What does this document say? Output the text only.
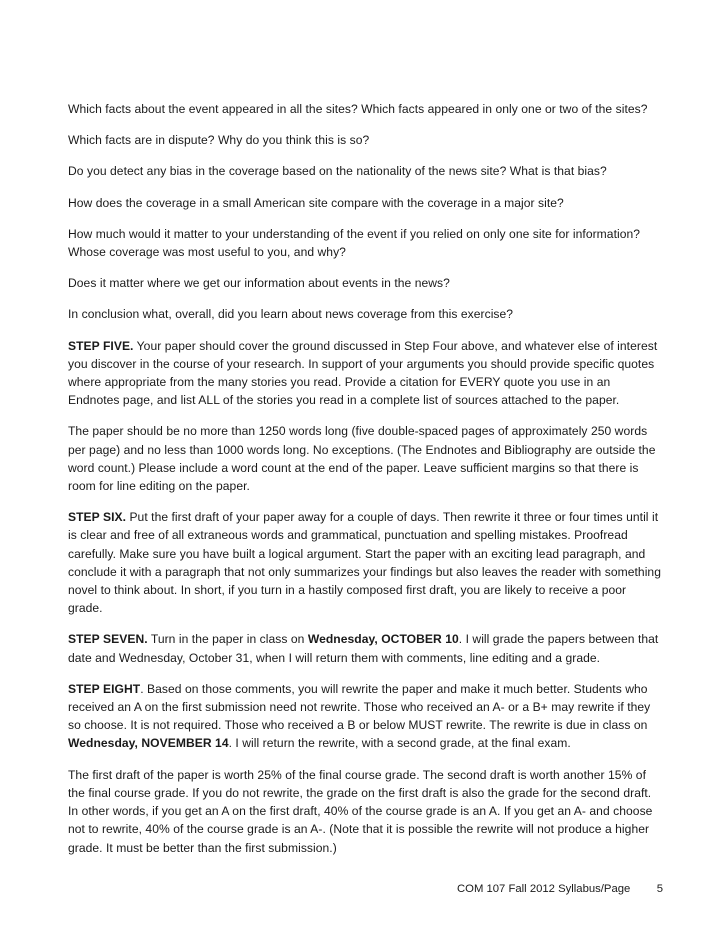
Which facts about the event appeared in all the sites? Which facts appeared in only one or two of the sites?

Which facts are in dispute? Why do you think this is so?

Do you detect any bias in the coverage based on the nationality of the news site? What is that bias?

How does the coverage in a small American site compare with the coverage in a major site?

How much would it matter to your understanding of the event if you relied on only one site for information? Whose coverage was most useful to you, and why?

Does it matter where we get our information about events in the news?

In conclusion what, overall, did you learn about news coverage from this exercise?

STEP FIVE. Your paper should cover the ground discussed in Step Four above, and whatever else of interest you discover in the course of your research. In support of your arguments you should provide specific quotes where appropriate from the many stories you read. Provide a citation for EVERY quote you use in an Endnotes page, and list ALL of the stories you read in a complete list of sources attached to the paper.

The paper should be no more than 1250 words long (five double-spaced pages of approximately 250 words per page) and no less than 1000 words long. No exceptions. (The Endnotes and Bibliography are outside the word count.) Please include a word count at the end of the paper. Leave sufficient margins so that there is room for line editing on the paper.

STEP SIX. Put the first draft of your paper away for a couple of days. Then rewrite it three or four times until it is clear and free of all extraneous words and grammatical, punctuation and spelling mistakes. Proofread carefully. Make sure you have built a logical argument. Start the paper with an exciting lead paragraph, and conclude it with a paragraph that not only summarizes your findings but also leaves the reader with something novel to think about. In short, if you turn in a hastily composed first draft, you are likely to receive a poor grade.

STEP SEVEN. Turn in the paper in class on Wednesday, OCTOBER 10. I will grade the papers between that date and Wednesday, October 31, when I will return them with comments, line editing and a grade.

STEP EIGHT. Based on those comments, you will rewrite the paper and make it much better. Students who received an A on the first submission need not rewrite. Those who received an A- or a B+ may rewrite if they so choose. It is not required. Those who received a B or below MUST rewrite. The rewrite is due in class on Wednesday, NOVEMBER 14. I will return the rewrite, with a second grade, at the final exam.

The first draft of the paper is worth 25% of the final course grade. The second draft is worth another 15% of the final course grade. If you do not rewrite, the grade on the first draft is also the grade for the second draft. In other words, if you get an A on the first draft, 40% of the course grade is an A. If you get an A- and choose not to rewrite, 40% of the course grade is an A-. (Note that it is possible the rewrite will not produce a higher grade. It must be better than the first submission.)

COM 107 Fall 2012 Syllabus/Page 5
